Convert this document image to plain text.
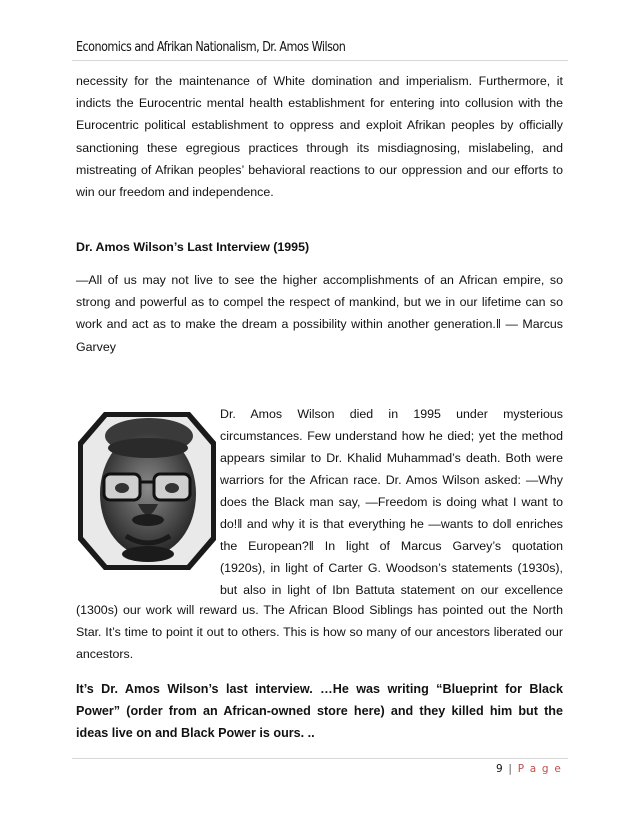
Economics and Afrikan Nationalism, Dr. Amos Wilson
necessity for the maintenance of White domination and imperialism. Furthermore, it indicts the Eurocentric mental health establishment for entering into collusion with the Eurocentric political establishment to oppress and exploit Afrikan peoples by officially sanctioning these egregious practices through its misdiagnosing, mislabeling, and mistreating of Afrikan peoples’ behavioral reactions to our oppression and our efforts to win our freedom and independence.
Dr. Amos Wilson’s Last Interview (1995)
―All of us may not live to see the higher accomplishments of an African empire, so strong and powerful as to compel the respect of mankind, but we in our lifetime can so work and act as to make the dream a possibility within another generation.‖ ― Marcus Garvey
Dr. Amos Wilson died in 1995 under mysterious
circumstances. Few understand how he died; yet the method
appears similar to Dr. Khalid Muhammad’s death. Both were
warriors for the African race. Dr. Amos Wilson asked: ―Why
does the Black man say, ―Freedom is doing what I want to
do!‖ and why it is that everything he ―wants to do‖ enriches
the European?‖ In light of Marcus Garvey’s quotation
(1920s), in light of Carter G. Woodson’s statements (1930s),
but also in light of Ibn Battuta statement on our excellence
(1300s) our work will reward us. The African Blood Siblings has pointed out the North Star. It’s time to point it out to others. This is how so many of our ancestors liberated our ancestors.
It’s Dr. Amos Wilson’s last interview. …He was writing “Blueprint for Black Power” (order from an African-owned store here) and they killed him but the ideas live on and Black Power is ours. ..
9 | P a g e
